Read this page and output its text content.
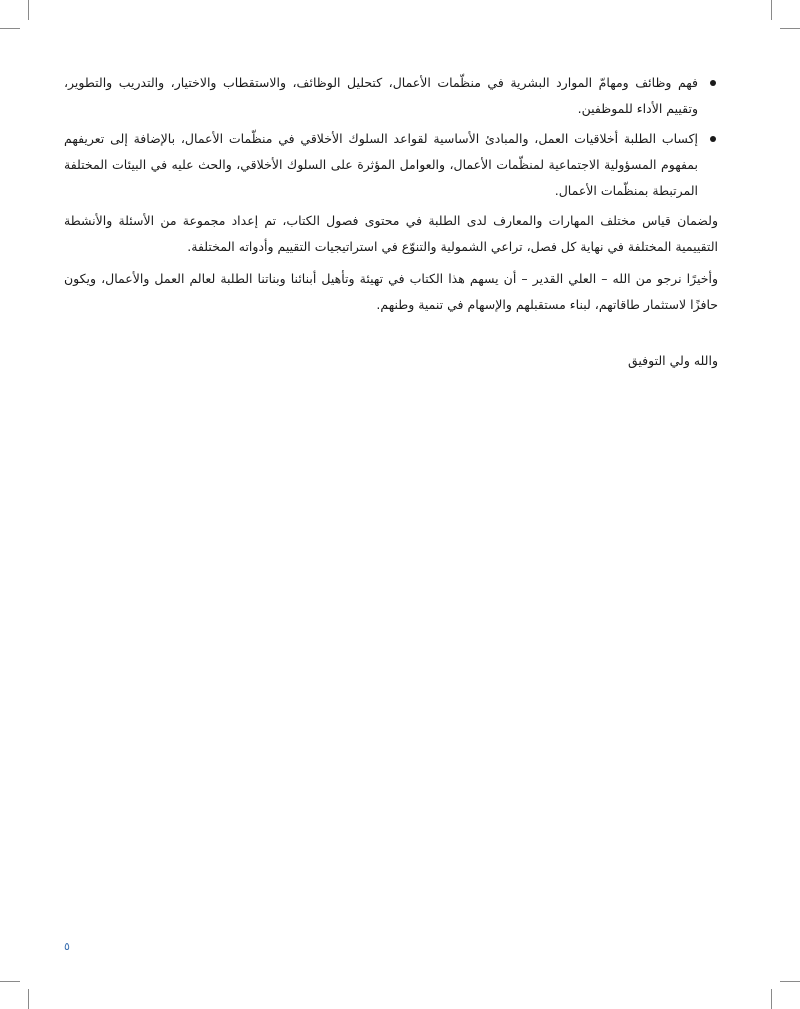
فهم وظائف ومهامّ الموارد البشرية في منظّمات الأعمال، كتحليل الوظائف، والاستقطاب والاختيار، والتدريب والتطوير، وتقييم الأداء للموظفين.
إكساب الطلبة أخلاقيات العمل، والمبادئ الأساسية لقواعد السلوك الأخلاقي في منظّمات الأعمال، بالإضافة إلى تعريفهم بمفهوم المسؤولية الاجتماعية لمنظّمات الأعمال، والعوامل المؤثرة على السلوك الأخلاقي، والحث عليه في البيئات المختلفة المرتبطة بمنظّمات الأعمال.

ولضمان قياس مختلف المهارات والمعارف لدى الطلبة في محتوى فصول الكتاب، تم إعداد مجموعة من الأسئلة والأنشطة التقييمية المختلفة في نهاية كل فصل، تراعي الشمولية والتنوّع في استراتيجيات التقييم وأدواته المختلفة.

وأخيرًا نرجو من الله – العلي القدير – أن يسهم هذا الكتاب في تهيئة وتأهيل أبنائنا وبناتنا الطلبة لعالم العمل والأعمال، ويكون حافزًا لاستثمار طاقاتهم، لبناء مستقبلهم والإسهام في تنمية وطنهم.

والله ولي التوفيق

٥
